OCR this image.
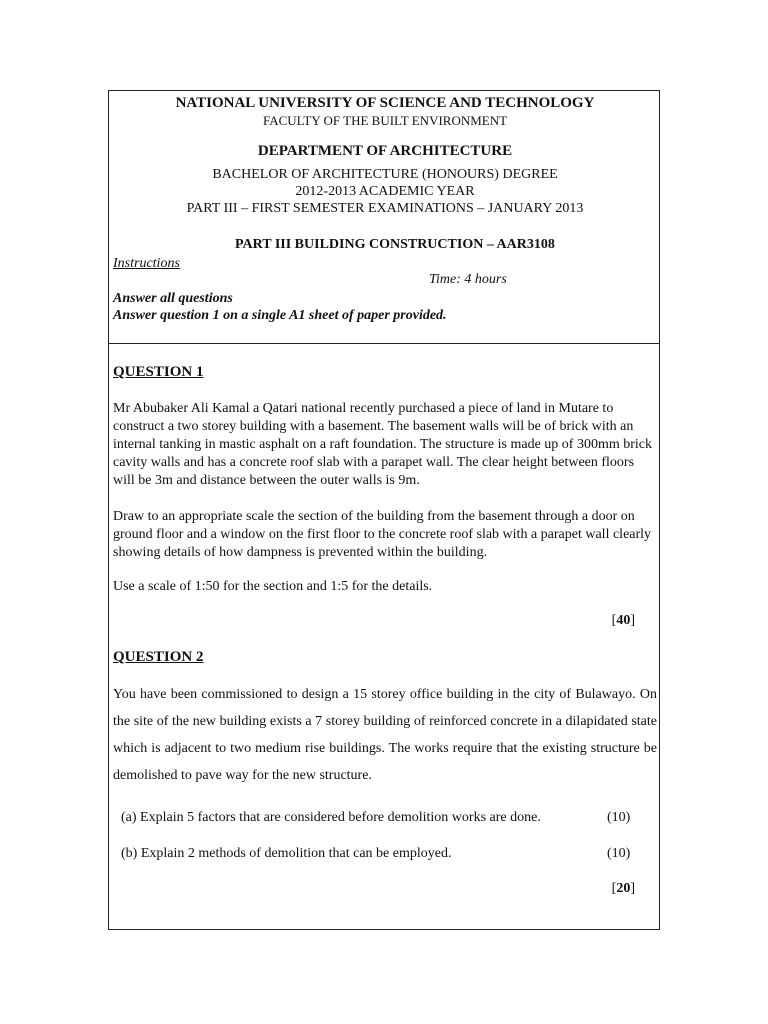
NATIONAL UNIVERSITY OF SCIENCE AND TECHNOLOGY
FACULTY OF THE BUILT ENVIRONMENT
DEPARTMENT OF ARCHITECTURE
BACHELOR OF ARCHITECTURE (HONOURS) DEGREE
2012-2013 ACADEMIC YEAR
PART III – FIRST SEMESTER EXAMINATIONS – JANUARY 2013
PART III BUILDING CONSTRUCTION – AAR3108
Instructions
Time: 4 hours
Answer all questions
Answer question 1 on a single A1 sheet of paper provided.
QUESTION 1
Mr Abubaker Ali Kamal a Qatari national recently purchased a piece of land in Mutare to construct a two storey building with a basement. The basement walls will be of brick with an internal tanking in mastic asphalt on a raft foundation. The structure is made up of 300mm brick cavity walls and has a concrete roof slab with a parapet wall. The clear height between floors will be 3m and distance between the outer walls is 9m.
Draw to an appropriate scale the section of the building from the basement through a door on ground floor and a window on the first floor to the concrete roof slab with a parapet wall clearly showing details of how dampness is prevented within the building.
Use a scale of 1:50 for the section and 1:5 for the details.
[40]
QUESTION 2
You have been commissioned to design a 15 storey office building in the city of Bulawayo. On the site of the new building exists a 7 storey building of reinforced concrete in a dilapidated state which is adjacent to two medium rise buildings. The works require that the existing structure be demolished to pave way for the new structure.
(a) Explain 5 factors that are considered before demolition works are done.	(10)
(b) Explain 2 methods of demolition that can be employed.	(10)
[20]
